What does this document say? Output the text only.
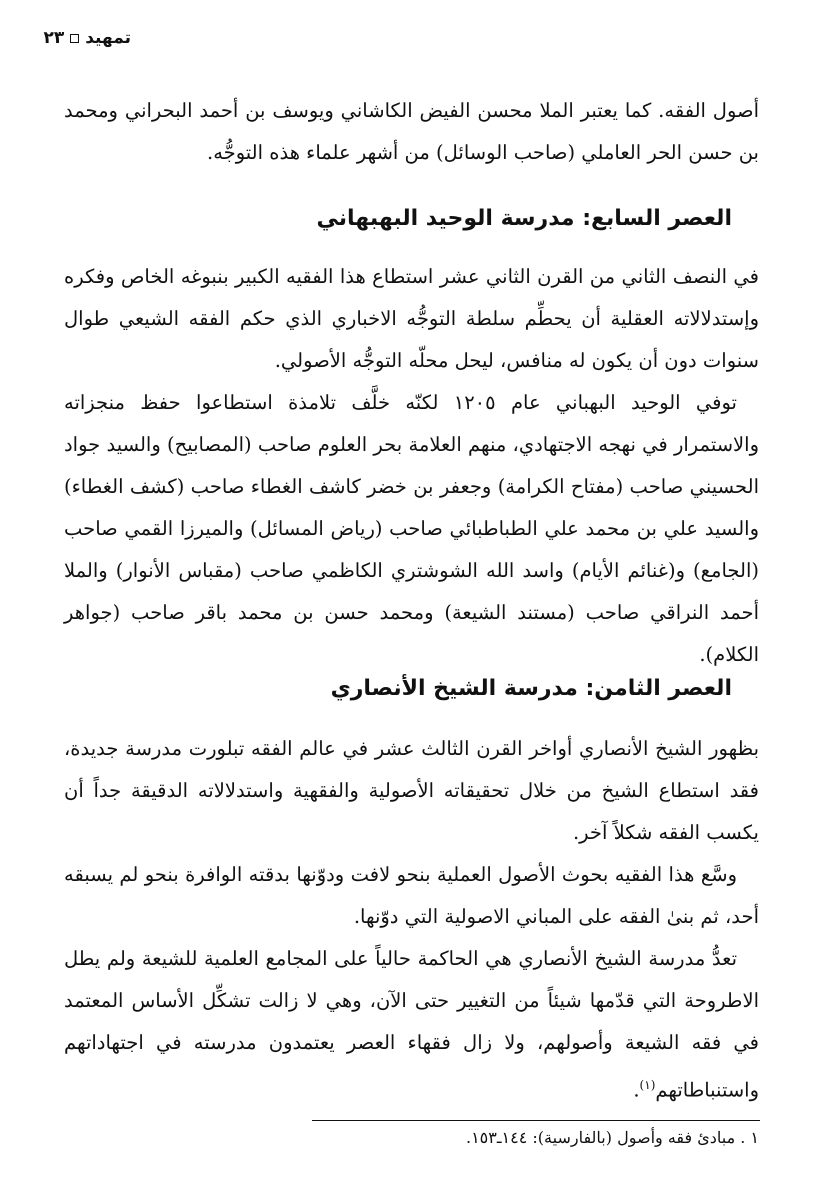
تمهيد
٢٣

أصول الفقه. كما يعتبر الملا محسن الفيض الكاشاني ويوسف بن أحمد البحراني ومحمد بن حسن الحر العاملي (صاحب الوسائل) من أشهر علماء هذه التوجُّه.

العصر السابع: مدرسة الوحيد البهبهاني

في النصف الثاني من القرن الثاني عشر استطاع هذا الفقيه الكبير بنبوغه الخاص وفكره وإستدلالاته العقلية أن يحطِّم سلطة التوجُّه الاخباري الذي حكم الفقه الشيعي طوال سنوات دون أن يكون له منافس، ليحل محلّه التوجُّه الأصولي.

توفي الوحيد البهباني عام ١٢٠٥ لكنّه خلَّف تلامذة استطاعوا حفظ منجزاته والاستمرار في نهجه الاجتهادي، منهم العلامة بحر العلوم صاحب (المصابيح) والسيد جواد الحسيني صاحب (مفتاح الكرامة) وجعفر بن خضر كاشف الغطاء صاحب (كشف الغطاء) والسيد علي بن محمد علي الطباطبائي صاحب (رياض المسائل) والميرزا القمي صاحب (الجامع) و(غنائم الأيام) واسد الله الشوشتري الكاظمي صاحب (مقباس الأنوار) والملا أحمد النراقي صاحب (مستند الشيعة) ومحمد حسن بن محمد باقر صاحب (جواهر الكلام).

العصر الثامن: مدرسة الشيخ الأنصاري

بظهور الشيخ الأنصاري أواخر القرن الثالث عشر في عالم الفقه تبلورت مدرسة جديدة، فقد استطاع الشيخ من خلال تحقيقاته الأصولية والفقهية واستدلالاته الدقيقة جداً أن يكسب الفقه شكلاً آخر.

وسَّع هذا الفقيه بحوث الأصول العملية بنحو لافت ودوّنها بدقته الوافرة بنحو لم يسبقه أحد، ثم بنىٰ الفقه على المباني الاصولية التي دوّنها.

تعدُّ مدرسة الشيخ الأنصاري هي الحاكمة حالياً على المجامع العلمية للشيعة ولم يطل الاطروحة التي قدّمها شيئاً من التغيير حتى الآن، وهي لا زالت تشكِّل الأساس المعتمد في فقه الشيعة وأصولهم، ولا زال فقهاء العصر يعتمدون مدرسته في اجتهاداتهم واستنباطاتهم$^{(١)}$.

١ . مبادئ فقه وأصول (بالفارسية): ١٤٤ـ١٥٣.
